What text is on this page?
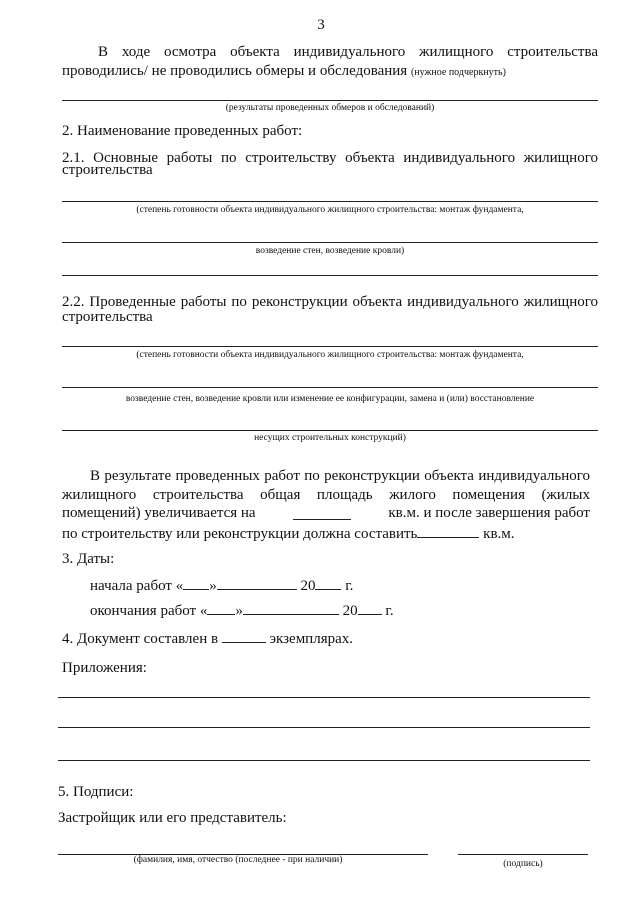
3
В ходе осмотра объекта индивидуального жилищного строительства
проводились/ не проводились обмеры и обследования (нужное подчеркнуть)
(результаты проведенных обмеров и обследований)
2. Наименование проведенных работ:
2.1. Основные работы по строительству объекта индивидуального жилищного
строительства
(степень готовности объекта индивидуального жилищного строительства: монтаж фундамента,
возведение стен, возведение кровли)
2.2. Проведенные работы по реконструкции объекта индивидуального жилищного
строительства
(степень готовности объекта индивидуального жилищного строительства: монтаж фундамента,
возведение стен, возведение кровли или изменение ее конфигурации, замена и (или) восстановление
несущих строительных конструкций)
В результате проведенных работ по реконструкции объекта индивидуального
жилищного строительства общая площадь жилого помещения (жилых
помещений) увеличивается на	кв.м. и после завершения работ
по строительству или реконструкции должна составить	кв.м.
3. Даты:
начала работ « »	20 г.
окончания работ « »	20 г.
4. Документ составлен в	экземплярах.
Приложения:
5. Подписи:
Застройщик или его представитель:
(фамилия, имя, отчество (последнее - при наличии)	(подпись)
